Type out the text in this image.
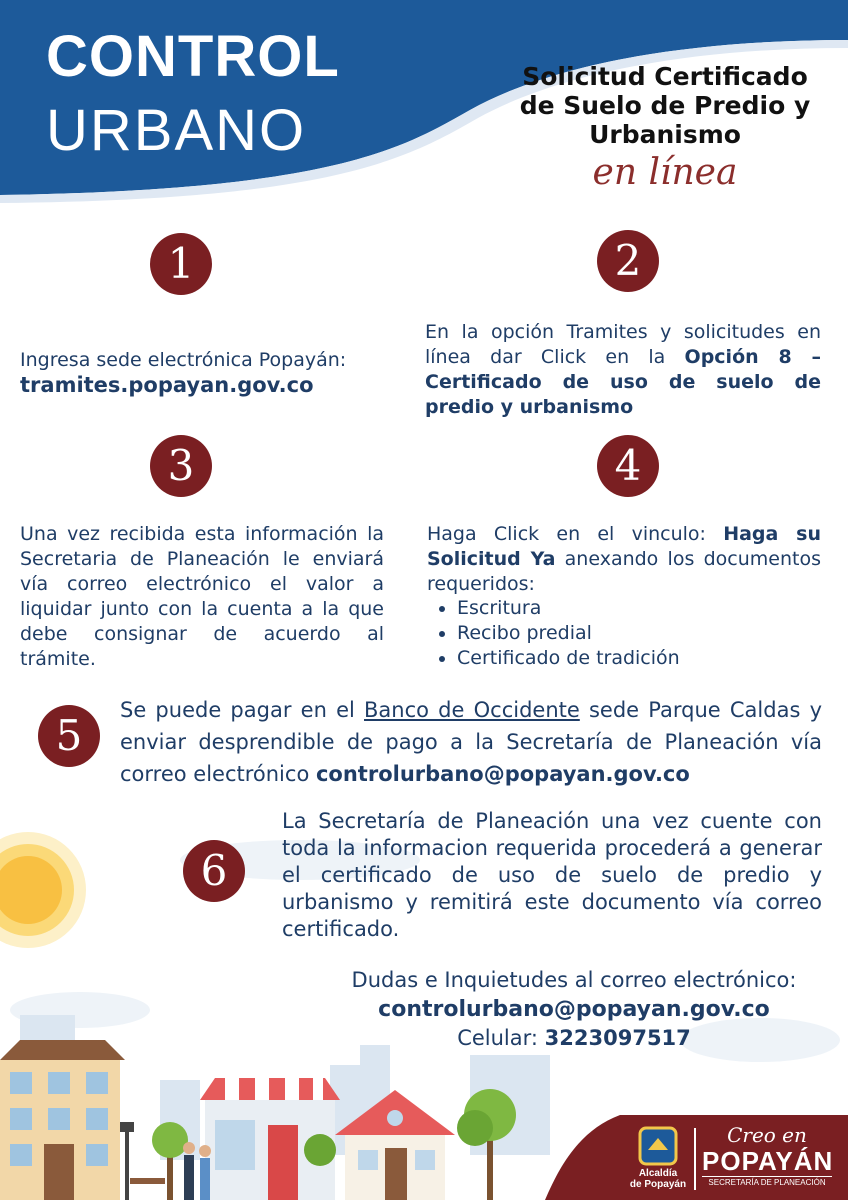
CONTROL
URBANO
Solicitud Certificado
de Suelo de Predio y
Urbanismo
en línea
1
Ingresa sede electrónica Popayán:
tramites.popayan.gov.co
2
En la opción Tramites y solicitudes en línea dar Click en la Opción 8 – Certificado de uso de suelo de predio y urbanismo
3
Una vez recibida esta información la Secretaria de Planeación le enviará vía correo electrónico el valor a liquidar junto con la cuenta a la que debe consignar de acuerdo al trámite.
4
Haga Click en el vinculo: Haga su Solicitud Ya anexando los documentos requeridos:
• Escritura
• Recibo predial
• Certificado de tradición
5
Se puede pagar en el Banco de Occidente sede Parque Caldas y enviar desprendible de pago a la Secretaría de Planeación vía correo electrónico controlurbano@popayan.gov.co
6
La Secretaría de Planeación una vez cuente con toda la informacion requerida procederá a generar el certificado de uso de suelo de predio y urbanismo y remitirá este documento vía correo certificado.
Dudas e Inquietudes al correo electrónico:
controlurbano@popayan.gov.co
Celular: 3223097517
Alcaldía
de Popayán
Creo en
POPAYÁN
SECRETARÍA DE PLANEACIÓN
